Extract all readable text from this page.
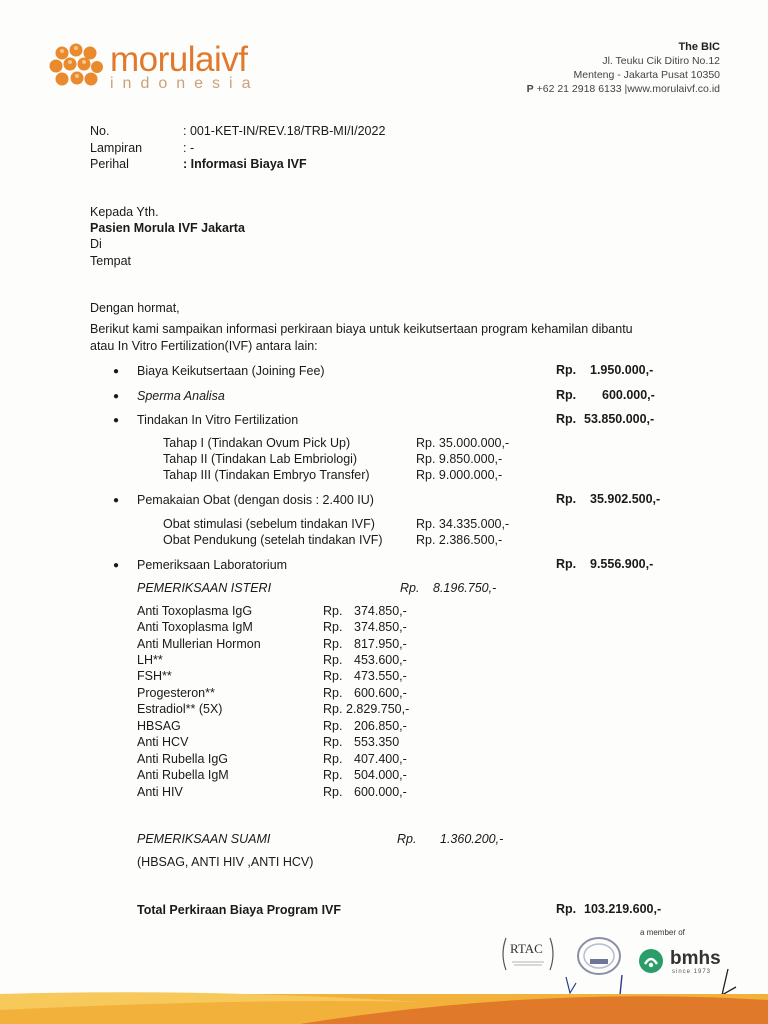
morulaivf
indonesia
The BIC
Jl. Teuku Cik Ditiro No.12
Menteng - Jakarta Pusat 10350
P +62 21 2918 6133 |www.morulaivf.co.id
No.	: 001-KET-IN/REV.18/TRB-MI/I/2022
Lampiran	: -
Perihal	: Informasi Biaya IVF
Kepada Yth.
Pasien Morula IVF Jakarta
Di
Tempat
Dengan hormat,
Berikut kami sampaikan informasi perkiraan biaya untuk keikutsertaan program kehamilan dibantu
atau In Vitro Fertilization(IVF) antara lain:
● Biaya Keikutsertaan (Joining Fee)	Rp. 1.950.000,-
● Sperma Analisa	Rp. 600.000,-
● Tindakan In Vitro Fertilization	Rp. 53.850.000,-
Tahap I (Tindakan Ovum Pick Up)	Rp. 35.000.000,-
Tahap II (Tindakan Lab Embriologi)	Rp. 9.850.000,-
Tahap III (Tindakan Embryo Transfer)	Rp. 9.000.000,-
● Pemakaian Obat (dengan dosis : 2.400 IU)	Rp. 35.902.500,-
Obat stimulasi (sebelum tindakan IVF)	Rp. 34.335.000,-
Obat Pendukung (setelah tindakan IVF)	Rp. 2.386.500,-
● Pemeriksaan Laboratorium	Rp. 9.556.900,-
PEMERIKSAAN ISTERI	Rp. 8.196.750,-
Anti Toxoplasma IgG	Rp. 374.850,-
Anti Toxoplasma IgM	Rp. 374.850,-
Anti Mullerian Hormon	Rp. 817.950,-
LH**	Rp. 453.600,-
FSH**	Rp. 473.550,-
Progesteron**	Rp. 600.600,-
Estradiol** (5X)	Rp. 2.829.750,-
HBSAG	Rp. 206.850,-
Anti HCV	Rp. 553.350
Anti Rubella IgG	Rp. 407.400,-
Anti Rubella IgM	Rp. 504.000,-
Anti HIV	Rp. 600.000,-
PEMERIKSAAN SUAMI	Rp. 1.360.200,-
(HBSAG, ANTI HIV ,ANTI HCV)
Total Perkiraan Biaya Program IVF	Rp. 103.219.600,-
RTAC
a member of
bmhs
since 1973
